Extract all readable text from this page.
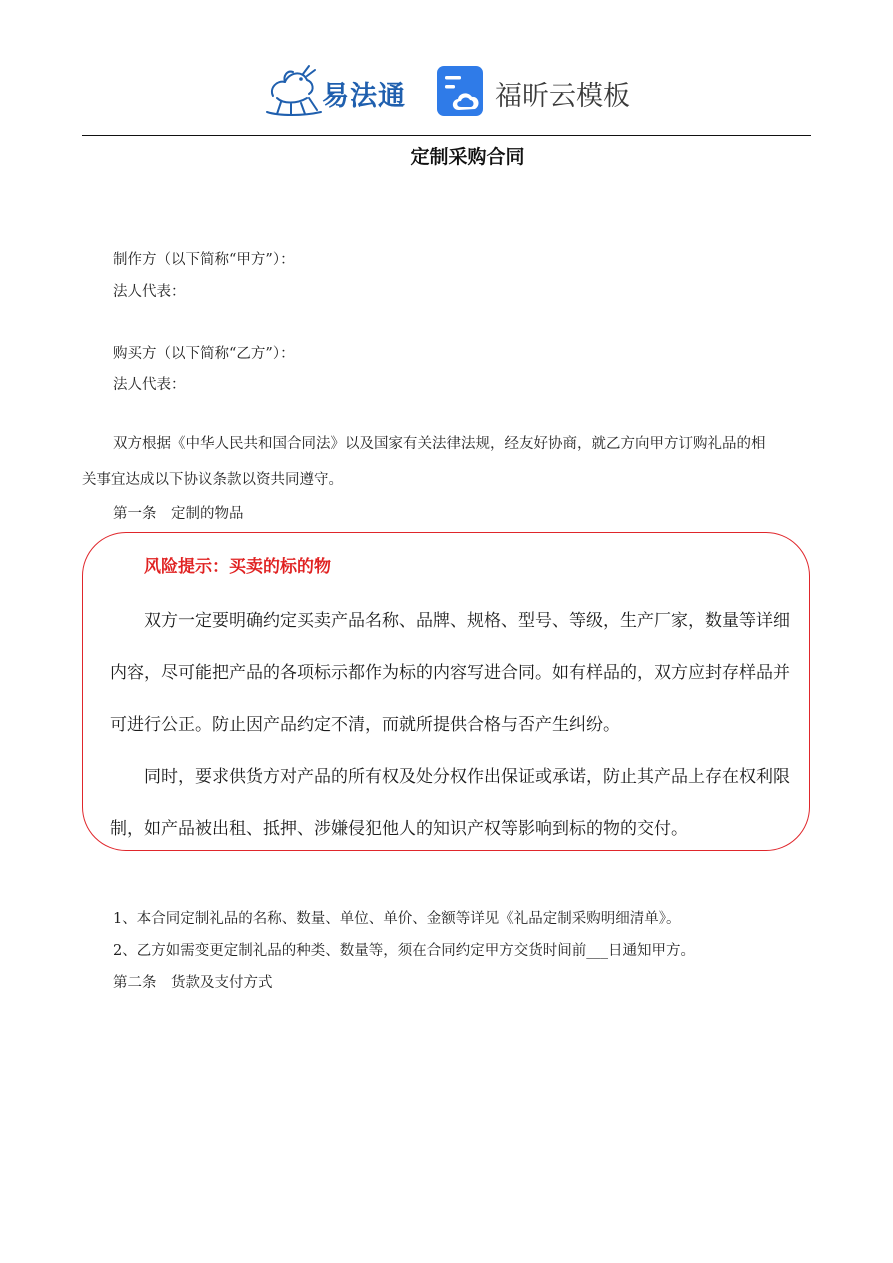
易法通	福昕云模板
定制采购合同
制作方（以下简称“甲方”）：
法人代表：
购买方（以下简称“乙方”）：
法人代表：
双方根据《中华人民共和国合同法》以及国家有关法律法规，经友好协商，就乙方向甲方订购礼品的相
关事宜达成以下协议条款以资共同遵守。
第一条　定制的物品
风险提示：买卖的标的物
双方一定要明确约定买卖产品名称、品牌、规格、型号、等级，生产厂家，数量等详细
内容，尽可能把产品的各项标示都作为标的内容写进合同。如有样品的，双方应封存样品并
可进行公正。防止因产品约定不清，而就所提供合格与否产生纠纷。
同时，要求供货方对产品的所有权及处分权作出保证或承诺，防止其产品上存在权利限
制，如产品被出租、抵押、涉嫌侵犯他人的知识产权等影响到标的物的交付。
1、本合同定制礼品的名称、数量、单位、单价、金额等详见《礼品定制采购明细清单》。
2、乙方如需变更定制礼品的种类、数量等，须在合同约定甲方交货时间前___日通知甲方。
第二条　货款及支付方式
